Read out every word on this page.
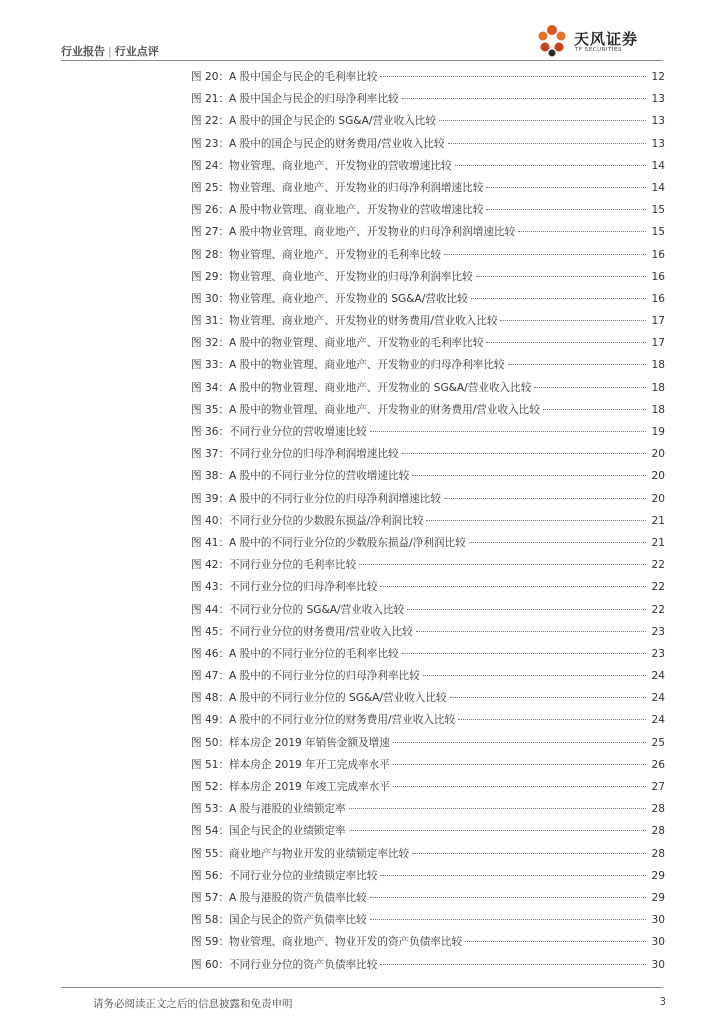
行业报告 | 行业点评
天风证券
TF SECURITIES
图 20： A 股中国企与民企的毛利率比较	12
图 21： A 股中国企与民企的归母净利率比较	13
图 22： A 股中的国企与民企的 SG&A/营业收入比较	13
图 23： A 股中的国企与民企的财务费用/营业收入比较	13
图 24： 物业管理、商业地产、开发物业的营收增速比较	14
图 25： 物业管理、商业地产、开发物业的归母净利润增速比较	14
图 26： A 股中物业管理、商业地产、开发物业的营收增速比较	15
图 27： A 股中物业管理、商业地产、开发物业的归母净利润增速比较	15
图 28： 物业管理、商业地产、开发物业的毛利率比较	16
图 29： 物业管理、商业地产、开发物业的归母净利润率比较	16
图 30： 物业管理、商业地产、开发物业的 SG&A/营收比较	16
图 31： 物业管理、商业地产、开发物业的财务费用/营业收入比较	17
图 32： A 股中的物业管理、商业地产、开发物业的毛利率比较	17
图 33： A 股中的物业管理、商业地产、开发物业的归母净利率比较	18
图 34： A 股中的物业管理、商业地产、开发物业的 SG&A/营业收入比较	18
图 35： A 股中的物业管理、商业地产、开发物业的财务费用/营业收入比较	18
图 36： 不同行业分位的营收增速比较	19
图 37： 不同行业分位的归母净利润增速比较	20
图 38： A 股中的不同行业分位的营收增速比较	20
图 39： A 股中的不同行业分位的归母净利润增速比较	20
图 40： 不同行业分位的少数股东损益/净利润比较	21
图 41： A 股中的不同行业分位的少数股东损益/净利润比较	21
图 42： 不同行业分位的毛利率比较	22
图 43： 不同行业分位的归母净利率比较	22
图 44： 不同行业分位的 SG&A/营业收入比较	22
图 45： 不同行业分位的财务费用/营业收入比较	23
图 46： A 股中的不同行业分位的毛利率比较	23
图 47： A 股中的不同行业分位的归母净利率比较	24
图 48： A 股中的不同行业分位的 SG&A/营业收入比较	24
图 49： A 股中的不同行业分位的财务费用/营业收入比较	24
图 50： 样本房企 2019 年销售金额及增速	25
图 51： 样本房企 2019 年开工完成率水平	26
图 52： 样本房企 2019 年竣工完成率水平	27
图 53： A 股与港股的业绩锁定率	28
图 54： 国企与民企的业绩锁定率	28
图 55： 商业地产与物业开发的业绩锁定率比较	28
图 56： 不同行业分位的业绩锁定率比较	29
图 57： A 股与港股的资产负债率比较	29
图 58： 国企与民企的资产负债率比较	30
图 59： 物业管理、商业地产、物业开发的资产负债率比较	30
图 60： 不同行业分位的资产负债率比较	30
请务必阅读正文之后的信息披露和免责申明	3
